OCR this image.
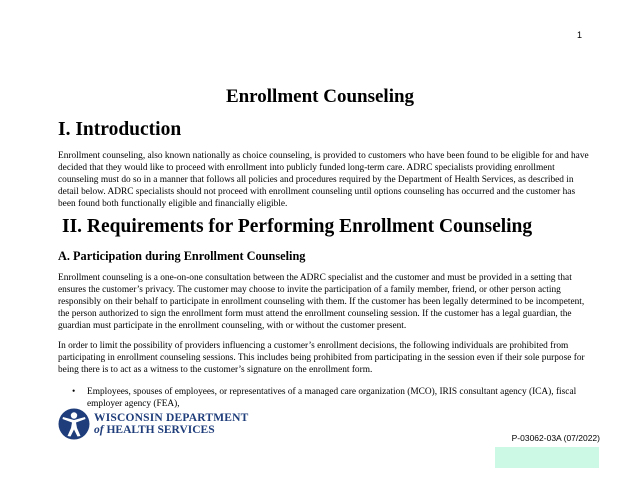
1
Enrollment Counseling
I. Introduction
Enrollment counseling, also known nationally as choice counseling, is provided to customers who have been found to be eligible for and have decided that they would like to proceed with enrollment into publicly funded long-term care. ADRC specialists providing enrollment counseling must do so in a manner that follows all policies and procedures required by the Department of Health Services, as described in detail below. ADRC specialists should not proceed with enrollment counseling until options counseling has occurred and the customer has been found both functionally eligible and financially eligible.
II. Requirements for Performing Enrollment Counseling
A. Participation during Enrollment Counseling
Enrollment counseling is a one-on-one consultation between the ADRC specialist and the customer and must be provided in a setting that ensures the customer’s privacy. The customer may choose to invite the participation of a family member, friend, or other person acting responsibly on their behalf to participate in enrollment counseling with them. If the customer has been legally determined to be incompetent, the person authorized to sign the enrollment form must attend the enrollment counseling session. If the customer has a legal guardian, the guardian must participate in the enrollment counseling, with or without the customer present.
In order to limit the possibility of providers influencing a customer’s enrollment decisions, the following individuals are prohibited from participating in enrollment counseling sessions. This includes being prohibited from participating in the session even if their sole purpose for being there is to act as a witness to the customer’s signature on the enrollment form.
•	Employees, spouses of employees, or representatives of a managed care organization (MCO), IRIS consultant agency (ICA), fiscal employer agency (FEA),
WISCONSIN DEPARTMENT
of HEALTH SERVICES
P-03062-03A (07/2022)
